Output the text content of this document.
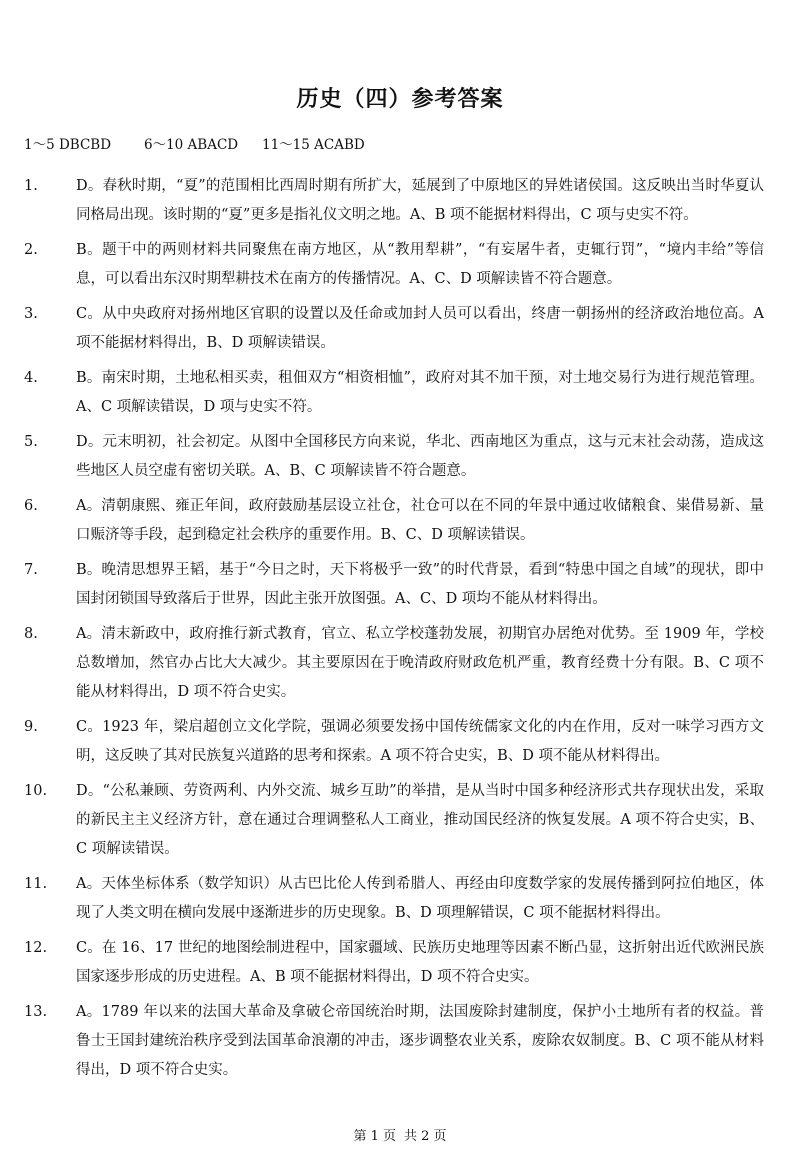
历史（四）参考答案
1～5 DBCBD 6～10 ABACD 11～15 ACABD
1.	D。春秋时期，“夏”的范围相比西周时期有所扩大，延展到了中原地区的异姓诸侯国。这反映出当时华夏认同格局出现。该时期的“夏”更多是指礼仪文明之地。A、B 项不能据材料得出，C 项与史实不符。
2.	B。题干中的两则材料共同聚焦在南方地区，从“教用犁耕”，“有妄屠牛者，吏辄行罚”，“境内丰给”等信息，可以看出东汉时期犁耕技术在南方的传播情况。A、C、D 项解读皆不符合题意。
3.	C。从中央政府对扬州地区官职的设置以及任命或加封人员可以看出，终唐一朝扬州的经济政治地位高。A项不能据材料得出，B、D 项解读错误。
4.	B。南宋时期，土地私相买卖，租佃双方“相资相恤”，政府对其不加干预，对土地交易行为进行规范管理。A、C 项解读错误，D 项与史实不符。
5.	D。元末明初，社会初定。从图中全国移民方向来说，华北、西南地区为重点，这与元末社会动荡，造成这些地区人员空虚有密切关联。A、B、C 项解读皆不符合题意。
6.	A。清朝康熙、雍正年间，政府鼓励基层设立社仓，社仓可以在不同的年景中通过收储粮食、粜借易新、量口赈济等手段，起到稳定社会秩序的重要作用。B、C、D 项解读错误。
7.	B。晚清思想界王韬，基于“今日之时，天下将极乎一致”的时代背景，看到“特患中国之自域”的现状，即中国封闭锁国导致落后于世界，因此主张开放图强。A、C、D 项均不能从材料得出。
8.	A。清末新政中，政府推行新式教育，官立、私立学校蓬勃发展，初期官办居绝对优势。至 1909 年，学校总数增加，然官办占比大大减少。其主要原因在于晚清政府财政危机严重，教育经费十分有限。B、C 项不能从材料得出，D 项不符合史实。
9.	C。1923 年，梁启超创立文化学院，强调必须要发扬中国传统儒家文化的内在作用，反对一味学习西方文明，这反映了其对民族复兴道路的思考和探索。A 项不符合史实，B、D 项不能从材料得出。
10.	D。“公私兼顾、劳资两利、内外交流、城乡互助”的举措，是从当时中国多种经济形式共存现状出发，采取的新民主主义经济方针，意在通过合理调整私人工商业，推动国民经济的恢复发展。A 项不符合史实，B、C 项解读错误。
11.	A。天体坐标体系（数学知识）从古巴比伦人传到希腊人、再经由印度数学家的发展传播到阿拉伯地区，体现了人类文明在横向发展中逐渐进步的历史现象。B、D 项理解错误，C 项不能据材料得出。
12.	C。在 16、17 世纪的地图绘制进程中，国家疆域、民族历史地理等因素不断凸显，这折射出近代欧洲民族国家逐步形成的历史进程。A、B 项不能据材料得出，D 项不符合史实。
13.	A。1789 年以来的法国大革命及拿破仑帝国统治时期，法国废除封建制度，保护小土地所有者的权益。普鲁士王国封建统治秩序受到法国革命浪潮的冲击，逐步调整农业关系，废除农奴制度。B、C 项不能从材料得出，D 项不符合史实。
第 1 页 共 2 页
